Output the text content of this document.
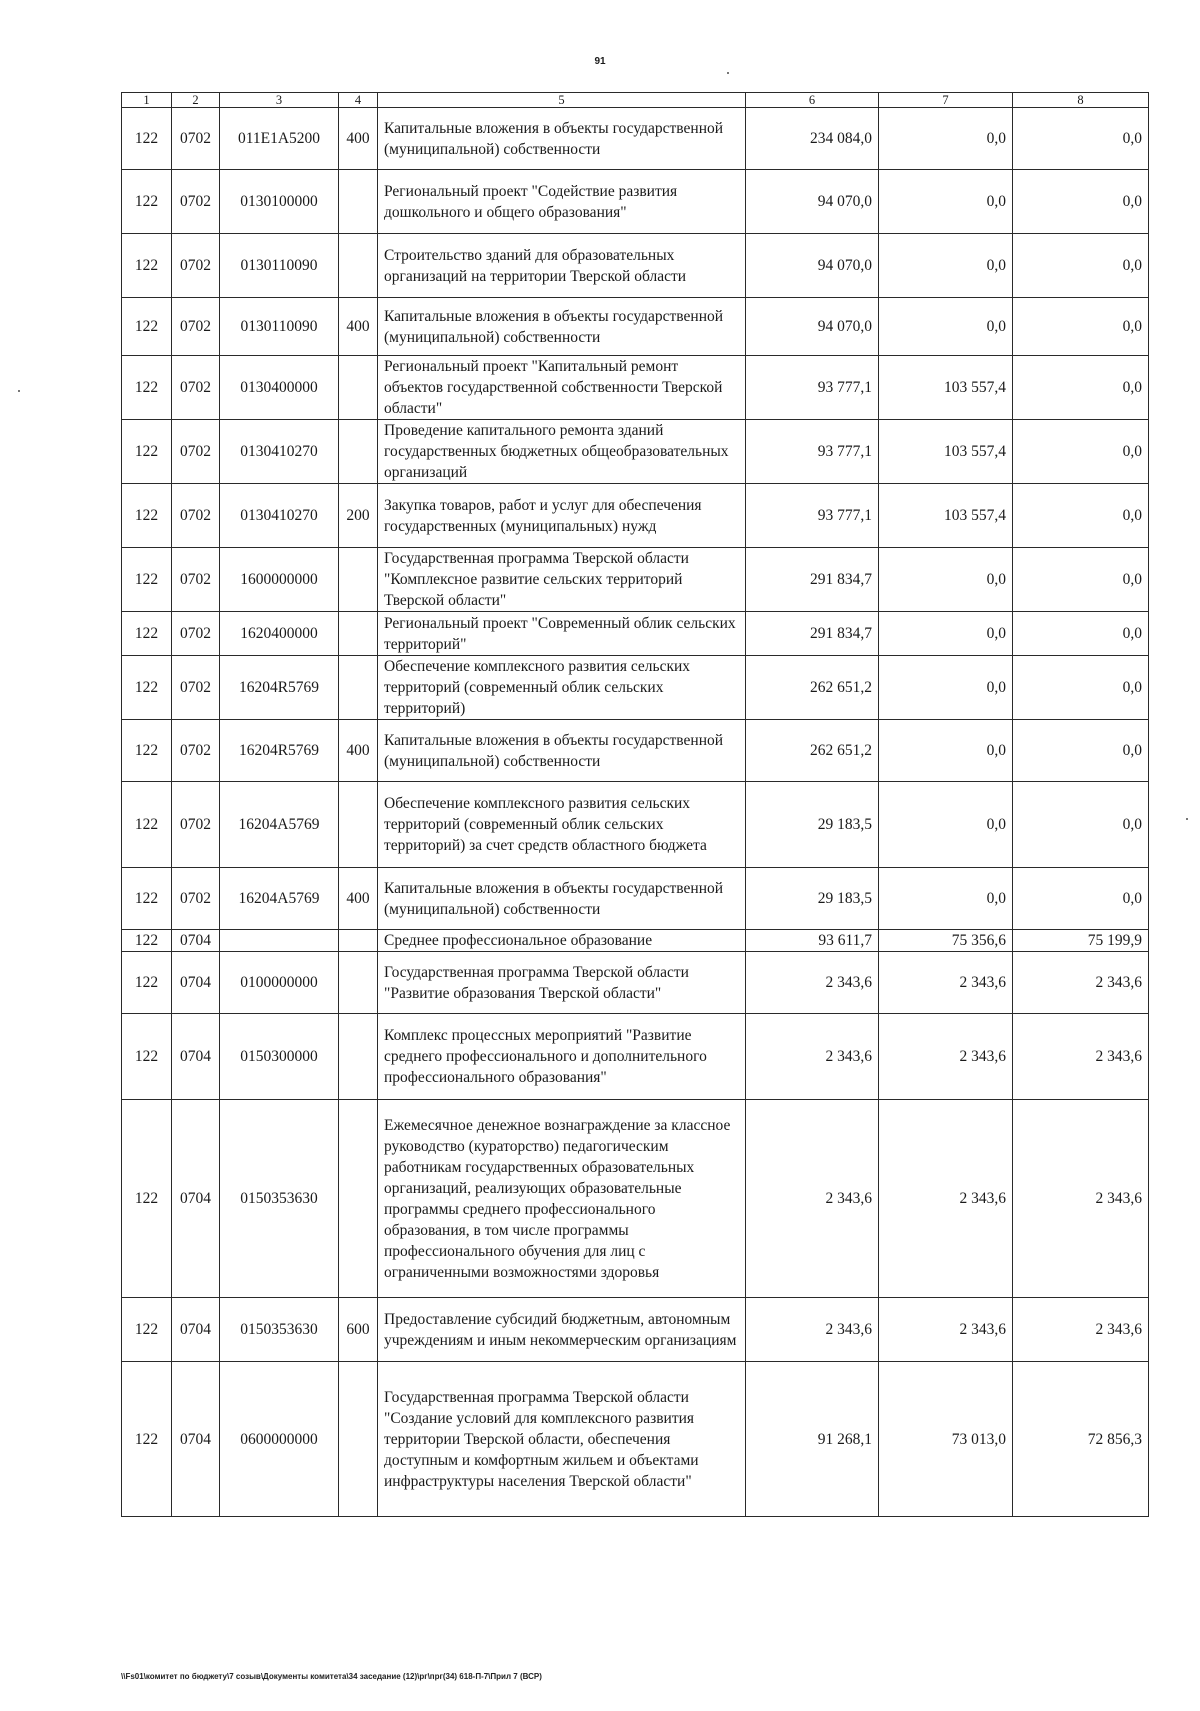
91
1	2	3	4	5	6	7	8
122	0702	011E1A5200	400	Капитальные вложения в объекты государственной (муниципальной) собственности	234 084,0	0,0	0,0
122	0702	0130100000		Региональный проект "Содействие развития дошкольного и общего образования"	94 070,0	0,0	0,0
122	0702	0130110090		Строительство зданий для образовательных организаций на территории Тверской области	94 070,0	0,0	0,0
122	0702	0130110090	400	Капитальные вложения в объекты государственной (муниципальной) собственности	94 070,0	0,0	0,0
122	0702	0130400000		Региональный проект "Капитальный ремонт объектов государственной собственности Тверской области"	93 777,1	103 557,4	0,0
122	0702	0130410270		Проведение капитального ремонта зданий государственных бюджетных общеобразовательных организаций	93 777,1	103 557,4	0,0
122	0702	0130410270	200	Закупка товаров, работ и услуг для обеспечения государственных (муниципальных) нужд	93 777,1	103 557,4	0,0
122	0702	1600000000		Государственная программа Тверской области "Комплексное развитие сельских территорий Тверской области"	291 834,7	0,0	0,0
122	0702	1620400000		Региональный проект "Современный облик сельских территорий"	291 834,7	0,0	0,0
122	0702	16204R5769		Обеспечение комплексного развития сельских территорий (современный облик сельских территорий)	262 651,2	0,0	0,0
122	0702	16204R5769	400	Капитальные вложения в объекты государственной (муниципальной) собственности	262 651,2	0,0	0,0
122	0702	16204A5769		Обеспечение комплексного развития сельских территорий (современный облик сельских территорий) за счет средств областного бюджета	29 183,5	0,0	0,0
122	0702	16204A5769	400	Капитальные вложения в объекты государственной (муниципальной) собственности	29 183,5	0,0	0,0
122	0704			Среднее профессиональное образование	93 611,7	75 356,6	75 199,9
122	0704	0100000000		Государственная программа Тверской области "Развитие образования Тверской области"	2 343,6	2 343,6	2 343,6
122	0704	0150300000		Комплекс процессных мероприятий "Развитие среднего профессионального и дополнительного профессионального образования"	2 343,6	2 343,6	2 343,6
122	0704	0150353630		Ежемесячное денежное вознаграждение за классное руководство (кураторство) педагогическим работникам государственных образовательных организаций, реализующих образовательные программы среднего профессионального образования, в том числе программы профессионального обучения для лиц с ограниченными возможностями здоровья	2 343,6	2 343,6	2 343,6
122	0704	0150353630	600	Предоставление субсидий бюджетным, автономным учреждениям и иным некоммерческим организациям	2 343,6	2 343,6	2 343,6
122	0704	0600000000		Государственная программа Тверской области "Создание условий для комплексного развития территории Тверской области, обеспечения доступным и комфортным жильем и объектами инфраструктуры населения Тверской области"	91 268,1	73 013,0	72 856,3
\\Fs01\комитет по бюджету\7 созыв\Документы комитета\34 заседание (12)\рг\прг(34) 618-П-7\Прил 7 (ВСР)
